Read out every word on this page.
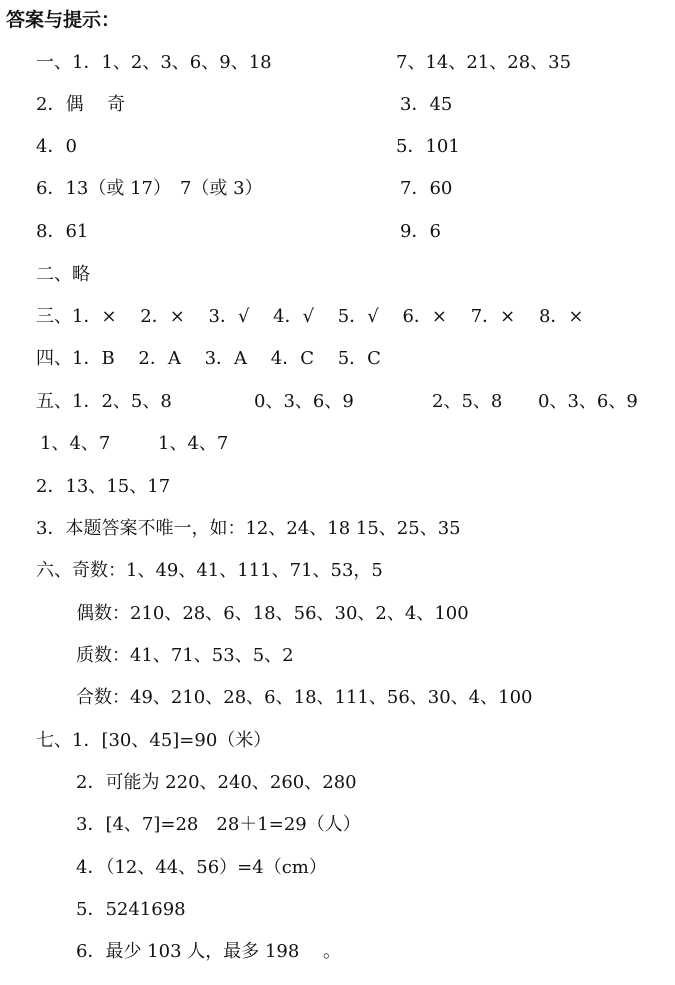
答案与提示：
一、1．1、2、3、6、9、18	7、14、21、28、35
2．偶　 奇	3．45
4．0	5．101
6．13（或 17）　7（或 3）	7．60
8．61	9．6
二、略
三、1．×　 2．×　 3．√　 4．√　 5．√　 6．×　 7．×　 8．×
四、1．B　 2．A　 3．A　 4．C　 5．C
五、1．2、5、8	0、3、6、9	2、5、8 0、3、6、9
1、4、7	1、4、7
2．13、15、17
3．本题答案不唯一，如：12、24、18 15、25、35
六、奇数：1、49、41、111、71、53，5
偶数：210、28、6、18、56、30、2、4、100
质数：41、71、53、5、2
合数：49、210、28、6、18、111、56、30、4、100
七、1．[30、45]=90（米）
2．可能为 220、240、260、280
3．[4、7]=28　28＋1=29（人）
4．（12、44、56）=4（cm）
5．5241698
6．最少 103 人，最多 198　 。
